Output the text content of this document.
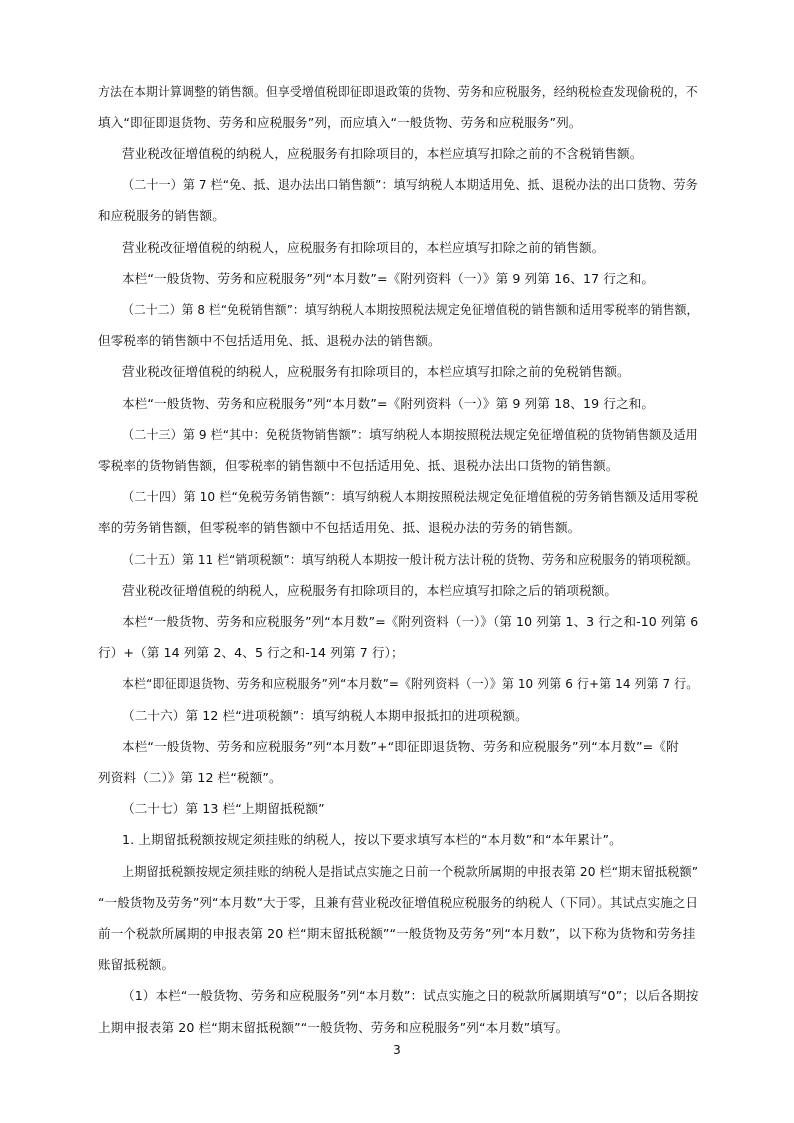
方法在本期计算调整的销售额。但享受增值税即征即退政策的货物、劳务和应税服务，经纳税检查发现偷税的，不
填入“即征即退货物、劳务和应税服务”列，而应填入“一般货物、劳务和应税服务”列。
营业税改征增值税的纳税人，应税服务有扣除项目的，本栏应填写扣除之前的不含税销售额。
（二十一）第 7 栏“免、抵、退办法出口销售额”：填写纳税人本期适用免、抵、退税办法的出口货物、劳务
和应税服务的销售额。
营业税改征增值税的纳税人，应税服务有扣除项目的，本栏应填写扣除之前的销售额。
本栏“一般货物、劳务和应税服务”列“本月数”=《附列资料（一）》第 9 列第 16、17 行之和。
（二十二）第 8 栏“免税销售额”：填写纳税人本期按照税法规定免征增值税的销售额和适用零税率的销售额，
但零税率的销售额中不包括适用免、抵、退税办法的销售额。
营业税改征增值税的纳税人，应税服务有扣除项目的，本栏应填写扣除之前的免税销售额。
本栏“一般货物、劳务和应税服务”列“本月数”=《附列资料（一）》第 9 列第 18、19 行之和。
（二十三）第 9 栏“其中：免税货物销售额”：填写纳税人本期按照税法规定免征增值税的货物销售额及适用
零税率的货物销售额，但零税率的销售额中不包括适用免、抵、退税办法出口货物的销售额。
（二十四）第 10 栏“免税劳务销售额”：填写纳税人本期按照税法规定免征增值税的劳务销售额及适用零税
率的劳务销售额，但零税率的销售额中不包括适用免、抵、退税办法的劳务的销售额。
（二十五）第 11 栏“销项税额”：填写纳税人本期按一般计税方法计税的货物、劳务和应税服务的销项税额。
营业税改征增值税的纳税人，应税服务有扣除项目的，本栏应填写扣除之后的销项税额。
本栏“一般货物、劳务和应税服务”列“本月数”=《附列资料（一）》（第 10 列第 1、3 行之和-10 列第 6
行）+（第 14 列第 2、4、5 行之和-14 列第 7 行）；
本栏“即征即退货物、劳务和应税服务”列“本月数”=《附列资料（一）》第 10 列第 6 行+第 14 列第 7 行。
（二十六）第 12 栏“进项税额”：填写纳税人本期申报抵扣的进项税额。
本栏“一般货物、劳务和应税服务”列“本月数”+“即征即退货物、劳务和应税服务”列“本月数”=《附
列资料（二）》第 12 栏“税额”。
（二十七）第 13 栏“上期留抵税额”
1. 上期留抵税额按规定须挂账的纳税人，按以下要求填写本栏的“本月数”和“本年累计”。
上期留抵税额按规定须挂账的纳税人是指试点实施之日前一个税款所属期的申报表第 20 栏“期末留抵税额”
“一般货物及劳务”列“本月数”大于零，且兼有营业税改征增值税应税服务的纳税人（下同）。其试点实施之日
前一个税款所属期的申报表第 20 栏“期末留抵税额”“一般货物及劳务”列“本月数”，以下称为货物和劳务挂
账留抵税额。
（1）本栏“一般货物、劳务和应税服务”列“本月数”：试点实施之日的税款所属期填写“0”；以后各期按
上期申报表第 20 栏“期末留抵税额”“一般货物、劳务和应税服务”列“本月数”填写。
3
